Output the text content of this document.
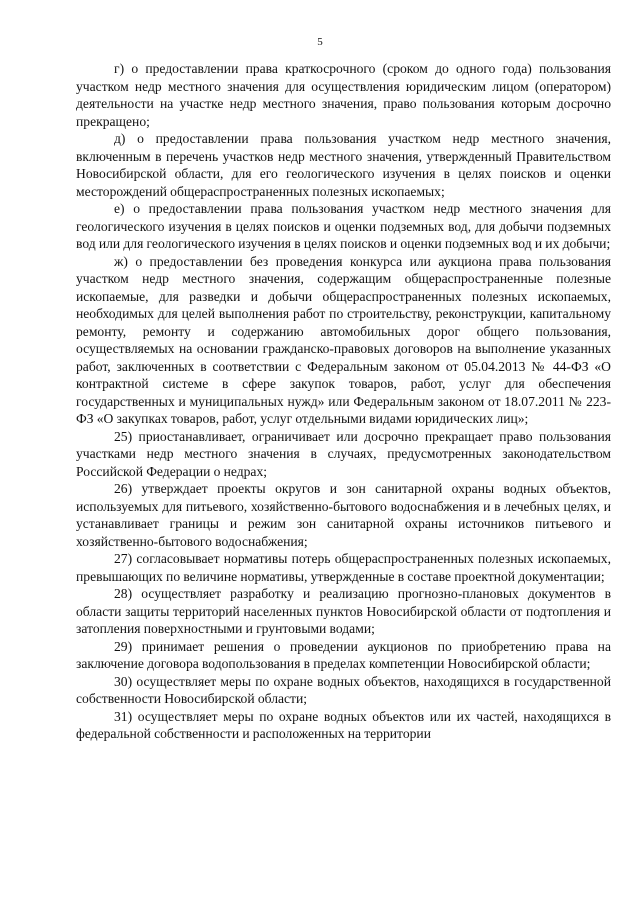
5

г) о предоставлении права краткосрочного (сроком до одного года) пользования участком недр местного значения для осуществления юридическим лицом (оператором) деятельности на участке недр местного значения, право пользования которым досрочно прекращено;

д) о предоставлении права пользования участком недр местного значения, включенным в перечень участков недр местного значения, утвержденный Правительством Новосибирской области, для его геологического изучения в целях поисков и оценки месторождений общераспространенных полезных ископаемых;

е) о предоставлении права пользования участком недр местного значения для геологического изучения в целях поисков и оценки подземных вод, для добычи подземных вод или для геологического изучения в целях поисков и оценки подземных вод и их добычи;

ж) о предоставлении без проведения конкурса или аукциона права пользования участком недр местного значения, содержащим общераспространенные полезные ископаемые, для разведки и добычи общераспространенных полезных ископаемых, необходимых для целей выполнения работ по строительству, реконструкции, капитальному ремонту, ремонту и содержанию автомобильных дорог общего пользования, осуществляемых на основании гражданско-правовых договоров на выполнение указанных работ, заключенных в соответствии с Федеральным законом от 05.04.2013 № 44-ФЗ «О контрактной системе в сфере закупок товаров, работ, услуг для обеспечения государственных и муниципальных нужд» или Федеральным законом от 18.07.2011 № 223-ФЗ «О закупках товаров, работ, услуг отдельными видами юридических лиц»;

25) приостанавливает, ограничивает или досрочно прекращает право пользования участками недр местного значения в случаях, предусмотренных законодательством Российской Федерации о недрах;

26) утверждает проекты округов и зон санитарной охраны водных объектов, используемых для питьевого, хозяйственно-бытового водоснабжения и в лечебных целях, и устанавливает границы и режим зон санитарной охраны источников питьевого и хозяйственно-бытового водоснабжения;

27) согласовывает нормативы потерь общераспространенных полезных ископаемых, превышающих по величине нормативы, утвержденные в составе проектной документации;

28) осуществляет разработку и реализацию прогнозно-плановых документов в области защиты территорий населенных пунктов Новосибирской области от подтопления и затопления поверхностными и грунтовыми водами;

29) принимает решения о проведении аукционов по приобретению права на заключение договора водопользования в пределах компетенции Новосибирской области;

30) осуществляет меры по охране водных объектов, находящихся в государственной собственности Новосибирской области;

31) осуществляет меры по охране водных объектов или их частей, находящихся в федеральной собственности и расположенных на территории
